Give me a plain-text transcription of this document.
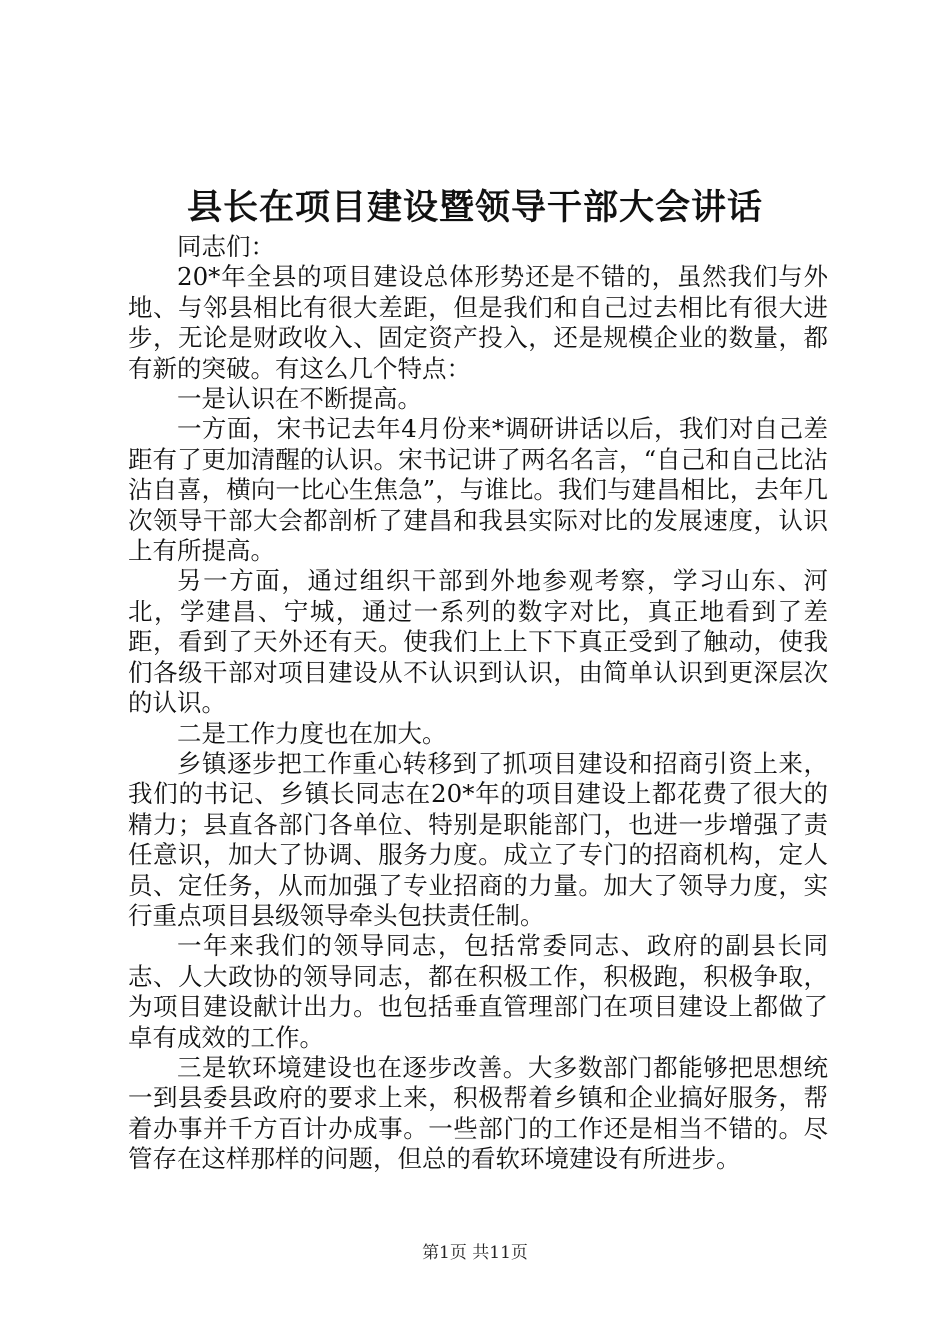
县长在项目建设暨领导干部大会讲话

同志们：

20*年全县的项目建设总体形势还是不错的，虽然我们与外地、与邻县相比有很大差距，但是我们和自己过去相比有很大进步，无论是财政收入、固定资产投入，还是规模企业的数量，都有新的突破。有这么几个特点：

一是认识在不断提高。

一方面，宋书记去年4月份来*调研讲话以后，我们对自己差距有了更加清醒的认识。宋书记讲了两名名言，“自己和自己比沾沾自喜，横向一比心生焦急”，与谁比。我们与建昌相比，去年几次领导干部大会都剖析了建昌和我县实际对比的发展速度，认识上有所提高。

另一方面，通过组织干部到外地参观考察，学习山东、河北，学建昌、宁城，通过一系列的数字对比，真正地看到了差距，看到了天外还有天。使我们上上下下真正受到了触动，使我们各级干部对项目建设从不认识到认识，由简单认识到更深层次的认识。

二是工作力度也在加大。

乡镇逐步把工作重心转移到了抓项目建设和招商引资上来，我们的书记、乡镇长同志在20*年的项目建设上都花费了很大的精力；县直各部门各单位、特别是职能部门，也进一步增强了责任意识，加大了协调、服务力度。成立了专门的招商机构，定人员、定任务，从而加强了专业招商的力量。加大了领导力度，实行重点项目县级领导牵头包扶责任制。

一年来我们的领导同志，包括常委同志、政府的副县长同志、人大政协的领导同志，都在积极工作，积极跑，积极争取，为项目建设献计出力。也包括垂直管理部门在项目建设上都做了卓有成效的工作。

三是软环境建设也在逐步改善。大多数部门都能够把思想统一到县委县政府的要求上来，积极帮着乡镇和企业搞好服务，帮着办事并千方百计办成事。一些部门的工作还是相当不错的。尽管存在这样那样的问题，但总的看软环境建设有所进步。

第1页 共11页
